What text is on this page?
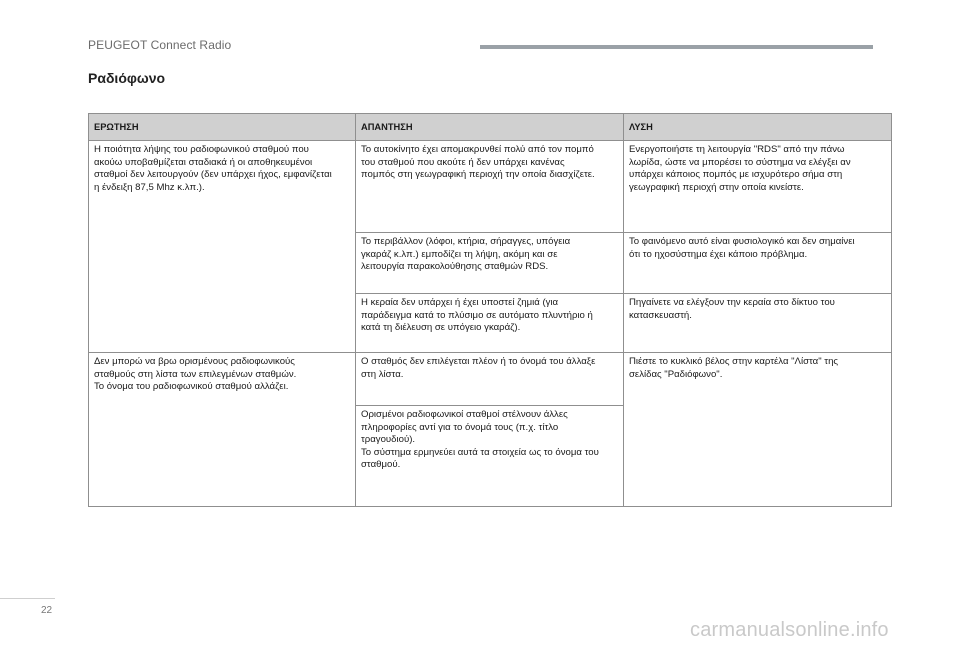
PEUGEOT Connect Radio
Ραδιόφωνο
ΕΡΩΤΗΣΗ	ΑΠΑΝΤΗΣΗ	ΛΥΣΗ

Η ποιότητα λήψης του ραδιοφωνικού σταθμού που
ακούω υποβαθμίζεται σταδιακά ή οι αποθηκευμένοι
σταθμοί δεν λειτουργούν (δεν υπάρχει ήχος, εμφανίζεται
η ένδειξη 87,5 Mhz κ.λπ.).	Το αυτοκίνητο έχει απομακρυνθεί πολύ από τον πομπό
του σταθμού που ακούτε ή δεν υπάρχει κανένας
πομπός στη γεωγραφική περιοχή την οποία διασχίζετε.	Ενεργοποιήστε τη λειτουργία "RDS" από την πάνω
λωρίδα, ώστε να μπορέσει το σύστημα να ελέγξει αν
υπάρχει κάποιος πομπός με ισχυρότερο σήμα στη
γεωγραφική περιοχή στην οποία κινείστε.

	Το περιβάλλον (λόφοι, κτήρια, σήραγγες, υπόγεια
γκαράζ κ.λπ.) εμποδίζει τη λήψη, ακόμη και σε
λειτουργία παρακολούθησης σταθμών RDS.	Το φαινόμενο αυτό είναι φυσιολογικό και δεν σημαίνει
ότι το ηχοσύστημα έχει κάποιο πρόβλημα.

	Η κεραία δεν υπάρχει ή έχει υποστεί ζημιά (για
παράδειγμα κατά το πλύσιμο σε αυτόματο πλυντήριο ή
κατά τη διέλευση σε υπόγειο γκαράζ).	Πηγαίνετε να ελέγξουν την κεραία στο δίκτυο του
κατασκευαστή.

Δεν μπορώ να βρω ορισμένους ραδιοφωνικούς
σταθμούς στη λίστα των επιλεγμένων σταθμών.
Το όνομα του ραδιοφωνικού σταθμού αλλάζει.	Ο σταθμός δεν επιλέγεται πλέον ή το όνομά του άλλαξε
στη λίστα.	Πιέστε το κυκλικό βέλος στην καρτέλα "Λίστα" της
σελίδας "Ραδιόφωνο".

	Ορισμένοι ραδιοφωνικοί σταθμοί στέλνουν άλλες
πληροφορίες αντί για το όνομά τους (π.χ. τίτλο
τραγουδιού).
Το σύστημα ερμηνεύει αυτά τα στοιχεία ως το όνομα του
σταθμού.	
22
carmanualsonline.info
